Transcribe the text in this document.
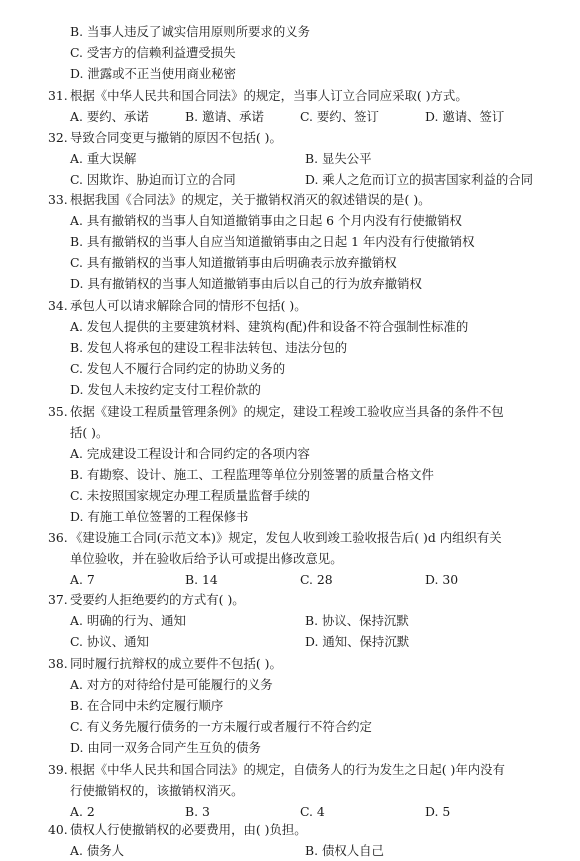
B. 当事人违反了诚实信用原则所要求的义务
C. 受害方的信赖利益遭受损失
D. 泄露或不正当使用商业秘密
31. 根据《中华人民共和国合同法》的规定，当事人订立合同应采取( )方式。
A. 要约、承诺	B. 邀请、承诺	C. 要约、签订	D. 邀请、签订
32. 导致合同变更与撤销的原因不包括( )。
A. 重大误解	B. 显失公平
C. 因欺诈、胁迫而订立的合同	D. 乘人之危而订立的损害国家利益的合同
33. 根据我国《合同法》的规定，关于撤销权消灭的叙述错误的是( )。
A. 具有撤销权的当事人自知道撤销事由之日起 6 个月内没有行使撤销权
B. 具有撤销权的当事人自应当知道撤销事由之日起 1 年内没有行使撤销权
C. 具有撤销权的当事人知道撤销事由后明确表示放弃撤销权
D. 具有撤销权的当事人知道撤销事由后以自己的行为放弃撤销权
34. 承包人可以请求解除合同的情形不包括( )。
A. 发包人提供的主要建筑材料、建筑构(配)件和设备不符合强制性标准的
B. 发包人将承包的建设工程非法转包、违法分包的
C. 发包人不履行合同约定的协助义务的
D. 发包人未按约定支付工程价款的
35. 依据《建设工程质量管理条例》的规定，建设工程竣工验收应当具备的条件不包
括( )。
A. 完成建设工程设计和合同约定的各项内容
B. 有勘察、设计、施工、工程监理等单位分别签署的质量合格文件
C. 未按照国家规定办理工程质量监督手续的
D. 有施工单位签署的工程保修书
36. 《建设施工合同(示范文本)》规定，发包人收到竣工验收报告后( )d 内组织有关
单位验收，并在验收后给予认可或提出修改意见。
A. 7	B. 14	C. 28	D. 30
37. 受要约人拒绝要约的方式有( )。
A. 明确的行为、通知	B. 协议、保持沉默
C. 协议、通知	D. 通知、保持沉默
38. 同时履行抗辩权的成立要件不包括( )。
A. 对方的对待给付是可能履行的义务
B. 在合同中未约定履行顺序
C. 有义务先履行债务的一方未履行或者履行不符合约定
D. 由同一双务合同产生互负的债务
39. 根据《中华人民共和国合同法》的规定，自债务人的行为发生之日起( )年内没有
行使撤销权的，该撤销权消灭。
A. 2	B. 3	C. 4	D. 5
40. 债权人行使撤销权的必要费用，由( )负担。
A. 债务人	B. 债权人自己
